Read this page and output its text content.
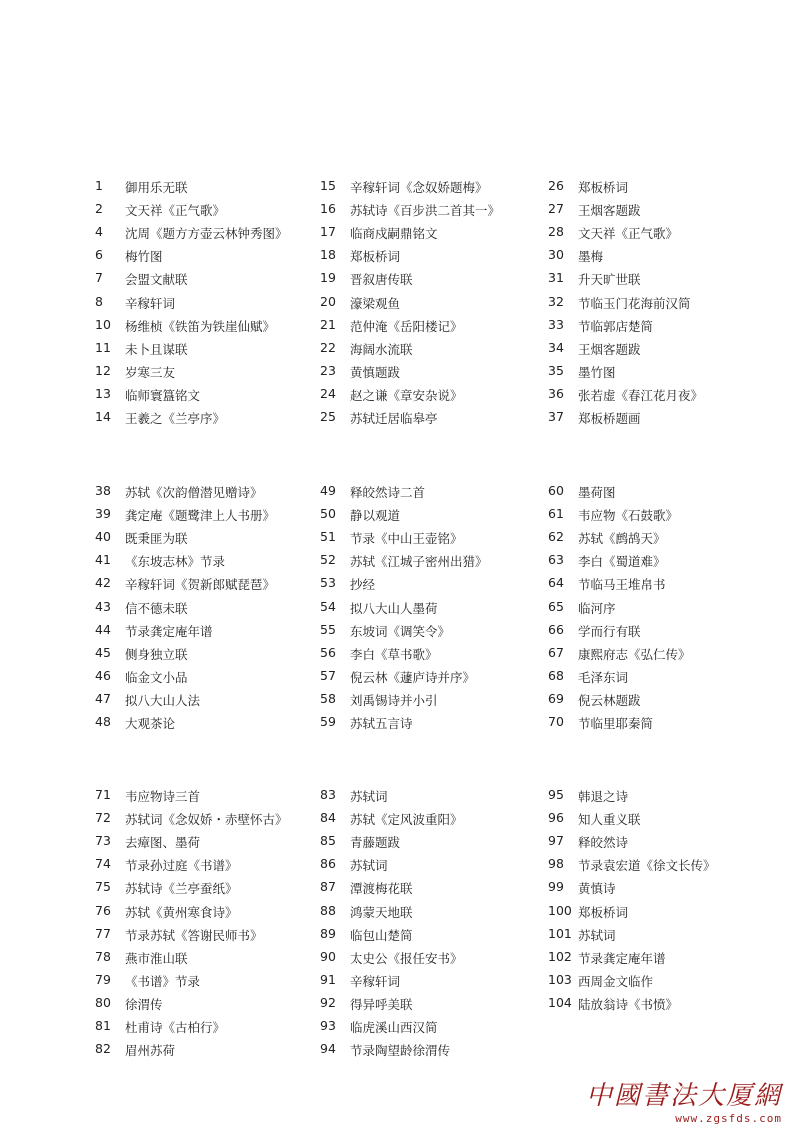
1	御用乐无联
2	文天祥《正气歌》
4	沈周《题方方壶云林钟秀图》
6	梅竹图
7	会盟文献联
8	辛稼轩词
10	杨维桢《铁笛为铁崖仙赋》
11	未卜且谋联
12	岁寒三友
13	临师寰簋铭文
14	王羲之《兰亭序》
15	辛稼轩词《念奴娇题梅》
16	苏轼诗《百步洪二首其一》
17	临商戍嗣鼎铭文
18	郑板桥词
19	晋叙唐传联
20	濠梁观鱼
21	范仲淹《岳阳楼记》
22	海阔水流联
23	黄慎题跋
24	赵之谦《章安杂说》
25	苏轼迁居临皋亭
26	郑板桥词
27	王烟客题跋
28	文天祥《正气歌》
30	墨梅
31	升天旷世联
32	节临玉门花海前汉简
33	节临郭店楚简
34	王烟客题跋
35	墨竹图
36	张若虚《春江花月夜》
37	郑板桥题画
38	苏轼《次韵僧潜见赠诗》
39	龚定庵《题鹭津上人书册》
40	既秉匪为联
41	《东坡志林》节录
42	辛稼轩词《贺新郎赋琵琶》
43	信不德未联
44	节录龚定庵年谱
45	侧身独立联
46	临金文小品
47	拟八大山人法
48	大观茶论
49	释皎然诗二首
50	静以观道
51	节录《中山王壶铭》
52	苏轼《江城子密州出猎》
53	抄经
54	拟八大山人墨荷
55	东坡词《调笑令》
56	李白《草书歌》
57	倪云林《蘧庐诗并序》
58	刘禹锡诗并小引
59	苏轼五言诗
60	墨荷图
61	韦应物《石鼓歌》
62	苏轼《鹧鸪天》
63	李白《蜀道难》
64	节临马王堆帛书
65	临河序
66	学而行有联
67	康熙府志《弘仁传》
68	毛泽东词
69	倪云林题跋
70	节临里耶秦简
71	韦应物诗三首
72	苏轼词《念奴娇・赤壁怀古》
73	去瘴图、墨荷
74	节录孙过庭《书谱》
75	苏轼诗《兰亭蚕纸》
76	苏轼《黄州寒食诗》
77	节录苏轼《答谢民师书》
78	燕市淮山联
79	《书谱》节录
80	徐渭传
81	杜甫诗《古柏行》
82	眉州苏荷
83	苏轼词
84	苏轼《定风波重阳》
85	青藤题跋
86	苏轼词
87	潭渡梅花联
88	鸿蒙天地联
89	临包山楚简
90	太史公《报任安书》
91	辛稼轩词
92	得异呼美联
93	临虎溪山西汉简
94	节录陶望龄徐渭传
95	韩退之诗
96	知人重义联
97	释皎然诗
98	节录袁宏道《徐文长传》
99	黄慎诗
100 郑板桥词
101 苏轼词
102 节录龚定庵年谱
103 西周金文临作
104 陆放翁诗《书愤》
中國書法大厦網
www.zgsfds.com
